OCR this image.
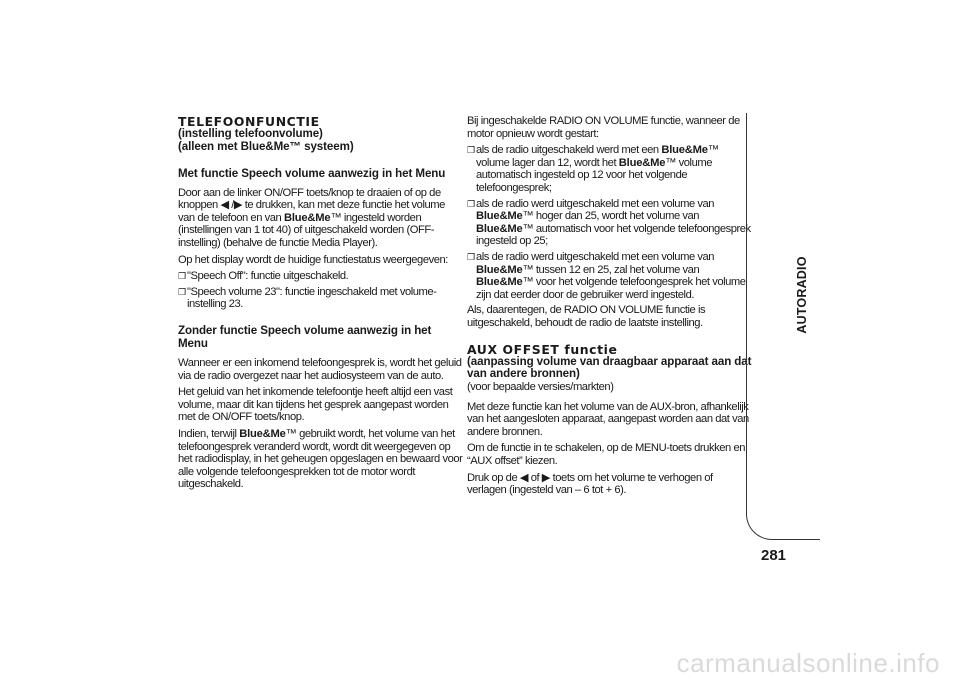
TELEFOONFUNCTIE
(instelling telefoonvolume)
(alleen met Blue&Me™ systeem)
Met functie Speech volume aanwezig in het Menu

Door aan de linker ON/OFF toets/knop te draaien of op de knoppen ◀ /▶ te drukken, kan met deze functie het volume van de telefoon en van Blue&Me™ ingesteld worden (instellingen van 1 tot 40) of uitgeschakeld worden (OFF-instelling) (behalve de functie Media Player).

Op het display wordt de huidige functiestatus weergegeven:

❒"Speech Off": functie uitgeschakeld.

❒"Speech volume 23": functie ingeschakeld met volume-instelling 23.

Zonder functie Speech volume aanwezig in het Menu

Wanneer er een inkomend telefoongesprek is, wordt het geluid via de radio overgezet naar het audiosysteem van de auto.

Het geluid van het inkomende telefoontje heeft altijd een vast volume, maar dit kan tijdens het gesprek aangepast worden met de ON/OFF toets/knop.

Indien, terwijl Blue&Me™ gebruikt wordt, het volume van het telefoongesprek veranderd wordt, wordt dit weergegeven op het radiodisplay, in het geheugen opgeslagen en bewaard voor alle volgende telefoongesprekken tot de motor wordt uitgeschakeld.

Bij ingeschakelde RADIO ON VOLUME functie, wanneer de motor opnieuw wordt gestart:

❒als de radio uitgeschakeld werd met een Blue&Me™ volume lager dan 12, wordt het Blue&Me™ volume automatisch ingesteld op 12 voor het volgende telefoongesprek;

❒als de radio werd uitgeschakeld met een volume van Blue&Me™ hoger dan 25, wordt het volume van Blue&Me™ automatisch voor het volgende telefoongesprek ingesteld op 25;

❒als de radio werd uitgeschakeld met een volume van Blue&Me™ tussen 12 en 25, zal het volume van Blue&Me™ voor het volgende telefoongesprek het volume zijn dat eerder door de gebruiker werd ingesteld.

Als, daarentegen, de RADIO ON VOLUME functie is uitgeschakeld, behoudt de radio de laatste instelling.

AUX OFFSET functie
(aanpassing volume van draagbaar apparaat aan dat van andere bronnen)

(voor bepaalde versies/markten)

Met deze functie kan het volume van de AUX-bron, afhankelijk van het aangesloten apparaat, aangepast worden aan dat van andere bronnen.

Om de functie in te schakelen, op de MENU-toets drukken en “AUX offset” kiezen.

Druk op de ◀ of ▶ toets om het volume te verhogen of verlagen (ingesteld van – 6 tot + 6).

AUTORADIO
281
carmanualsonline.info
